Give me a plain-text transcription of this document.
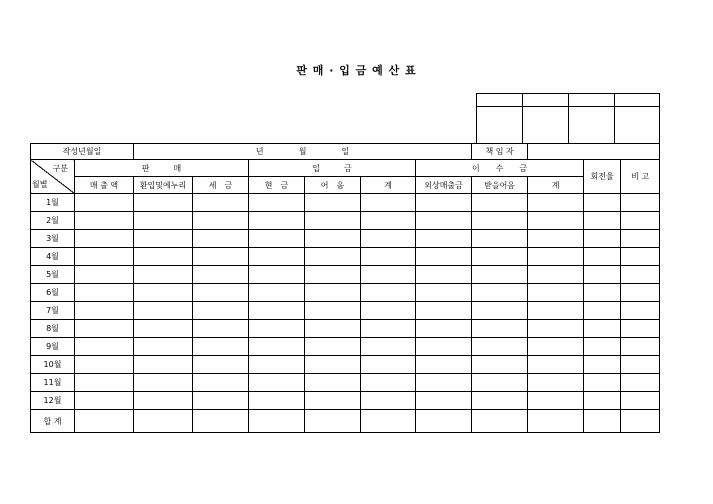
판 매 · 입 금 예 산 표

작성년월일		년 월 일						책 임 자			

구분
월별	판　　　매			입　　　금			이　　수　　금			회전율	비 고
	매 출 액	환입및에누리	세　금	현　금	어　음	계	외상매출금	받을어음	계		
1월											
2월											
3월											
4월											
5월											
6월											
7월											
8월											
9월											
10월											
11월											
12월											
합 계											
